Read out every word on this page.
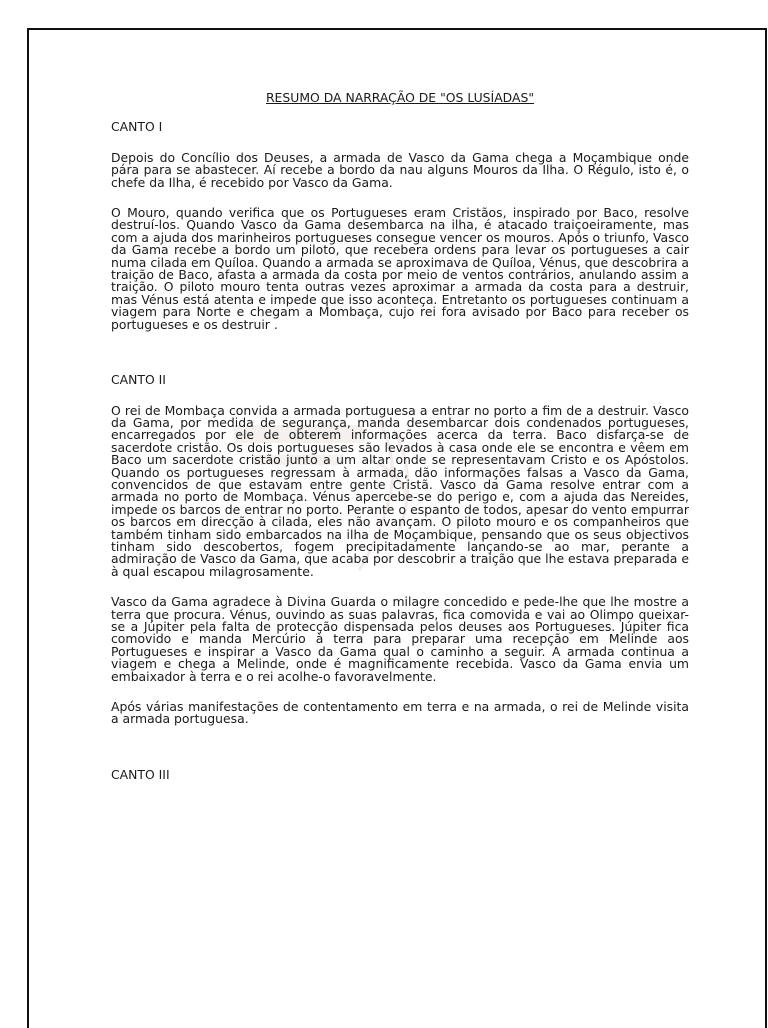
RESUMO DA NARRAÇÃO DE "OS LUSÍADAS"

CANTO I

Depois do Concílio dos Deuses, a armada de Vasco da Gama chega a Moçambique onde pára para se abastecer. Aí recebe a bordo da nau alguns Mouros da Ilha. O Régulo, isto é, o chefe da Ilha, é recebido por Vasco da Gama.

O Mouro, quando verifica que os Portugueses eram Cristãos, inspirado por Baco, resolve destruí-los. Quando Vasco da Gama desembarca na ilha, é atacado traiçoeiramente, mas com a ajuda dos marinheiros portugueses consegue vencer os mouros. Após o triunfo, Vasco da Gama recebe a bordo um piloto, que recebera ordens para levar os portugueses a cair numa cilada em Quíloa. Quando a armada se aproximava de Quíloa, Vénus, que descobrira a traição de Baco, afasta a armada da costa por meio de ventos contrários, anulando assim a traição. O piloto mouro tenta outras vezes aproximar a armada da costa para a destruir, mas Vénus está atenta e impede que isso aconteça. Entretanto os portugueses continuam a viagem para Norte e chegam a Mombaça, cujo rei fora avisado por Baco para receber os portugueses e os destruir .

CANTO II

O rei de Mombaça convida a armada portuguesa a entrar no porto a fim de a destruir. Vasco da Gama, por medida de segurança, manda desembarcar dois condenados portugueses, encarregados por ele de obterem informações acerca da terra. Baco disfarça-se de sacerdote cristão. Os dois portugueses são levados à casa onde ele se encontra e vêem em Baco um sacerdote cristão junto a um altar onde se representavam Cristo e os Apóstolos. Quando os portugueses regressam à armada, dão informações falsas a Vasco da Gama, convencidos de que estavam entre gente Cristã. Vasco da Gama resolve entrar com a armada no porto de Mombaça. Vénus apercebe-se do perigo e, com a ajuda das Nereides, impede os barcos de entrar no porto. Perante o espanto de todos, apesar do vento empurrar os barcos em direcção à cilada, eles não avançam. O piloto mouro e os companheiros que também tinham sido embarcados na ilha de Moçambique, pensando que os seus objectivos tinham sido descobertos, fogem precipitadamente lançando-se ao mar, perante a admiração de Vasco da Gama, que acaba por descobrir a traição que lhe estava preparada e à qual escapou milagrosamente.

Vasco da Gama agradece à Divina Guarda o milagre concedido e pede-lhe que lhe mostre a terra que procura. Vénus, ouvindo as suas palavras, fica comovida e vai ao Olimpo queixar-se a Júpiter pela falta de protecção dispensada pelos deuses aos Portugueses. Júpiter fica comovido e manda Mercúrio à terra para preparar uma recepção em Melinde aos Portugueses e inspirar a Vasco da Gama qual o caminho a seguir. A armada continua a viagem e chega a Melinde, onde é magnificamente recebida. Vasco da Gama envia um embaixador à terra e o rei acolhe-o favoravelmente.

Após várias manifestações de contentamento em terra e na armada, o rei de Melinde visita a armada portuguesa.

CANTO III
